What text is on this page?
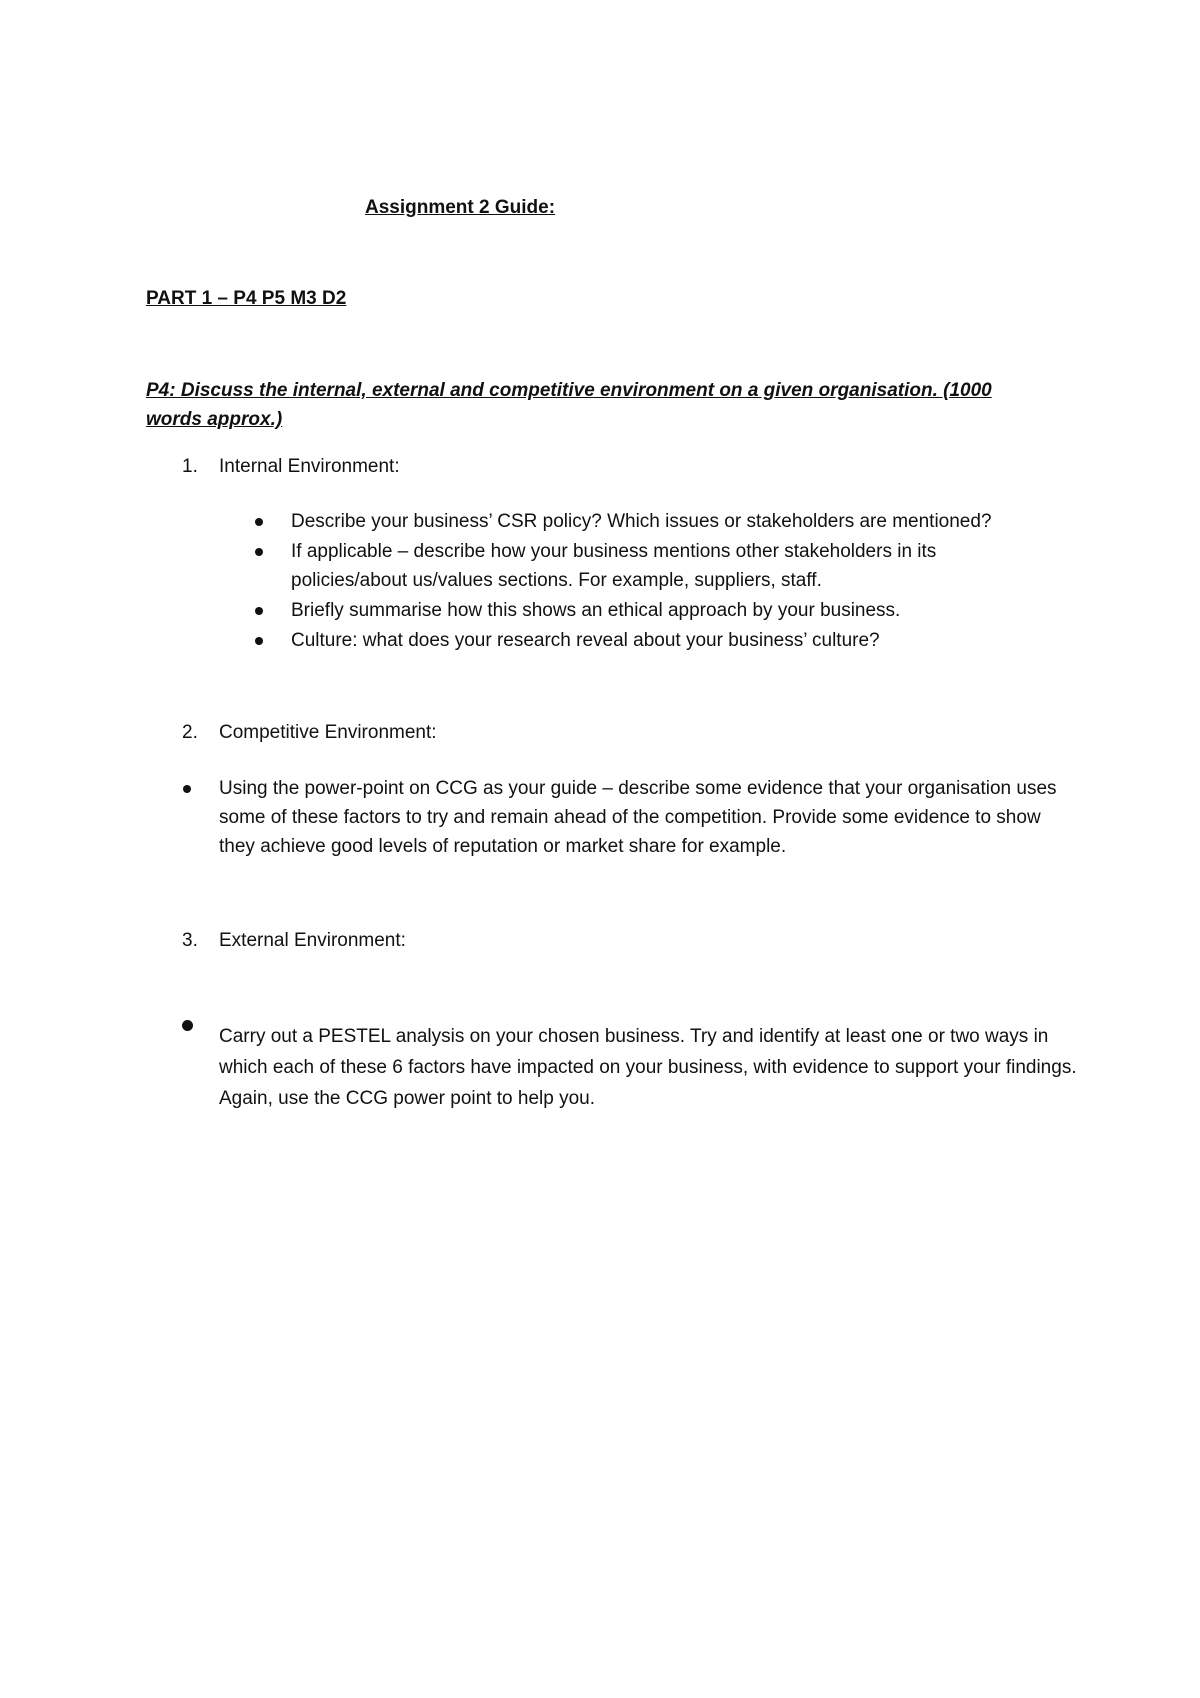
Assignment 2 Guide:
PART 1 – P4 P5 M3 D2
P4: Discuss the internal, external and competitive environment on a given organisation. (1000 words approx.)
1.	Internal Environment:
Describe your business’ CSR policy? Which issues or stakeholders are mentioned?
If applicable – describe how your business mentions other stakeholders in its policies/about us/values sections. For example, suppliers, staff.
Briefly summarise how this shows an ethical approach by your business.
Culture: what does your research reveal about your business’ culture?
2.	Competitive Environment:
Using the power-point on CCG as your guide – describe some evidence that your organisation uses some of these factors to try and remain ahead of the competition. Provide some evidence to show they achieve good levels of reputation or market share for example.
3.	External Environment:
Carry out a PESTEL analysis on your chosen business. Try and identify at least one or two ways in which each of these 6 factors have impacted on your business, with evidence to support your findings. Again, use the CCG power point to help you.
